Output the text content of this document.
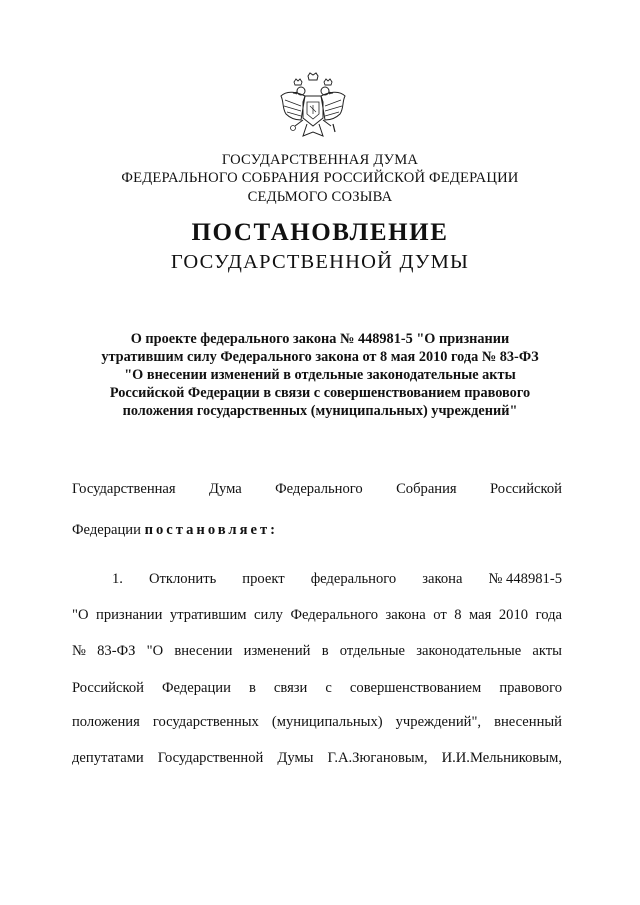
ГОСУДАРСТВЕННАЯ ДУМА
ФЕДЕРАЛЬНОГО СОБРАНИЯ РОССИЙСКОЙ ФЕДЕРАЦИИ
СЕДЬМОГО СОЗЫВА
ПОСТАНОВЛЕНИЕ
ГОСУДАРСТВЕННОЙ ДУМЫ
О проекте федерального закона № 448981-5 "О признании
утратившим силу Федерального закона от 8 мая 2010 года № 83-ФЗ
"О внесении изменений в отдельные законодательные акты
Российской Федерации в связи с совершенствованием правового
положения государственных (муниципальных) учреждений"
Государственная Дума Федерального Собрания Российской
Федерации постановляет:
1. Отклонить проект федерального закона № 448981-5
"О признании утратившим силу Федерального закона от 8 мая 2010 года
№ 83-ФЗ "О внесении изменений в отдельные законодательные акты
Российской Федерации в связи с совершенствованием правового
положения государственных (муниципальных) учреждений", внесенный
депутатами Государственной Думы Г.А.Зюгановым, И.И.Мельниковым,
